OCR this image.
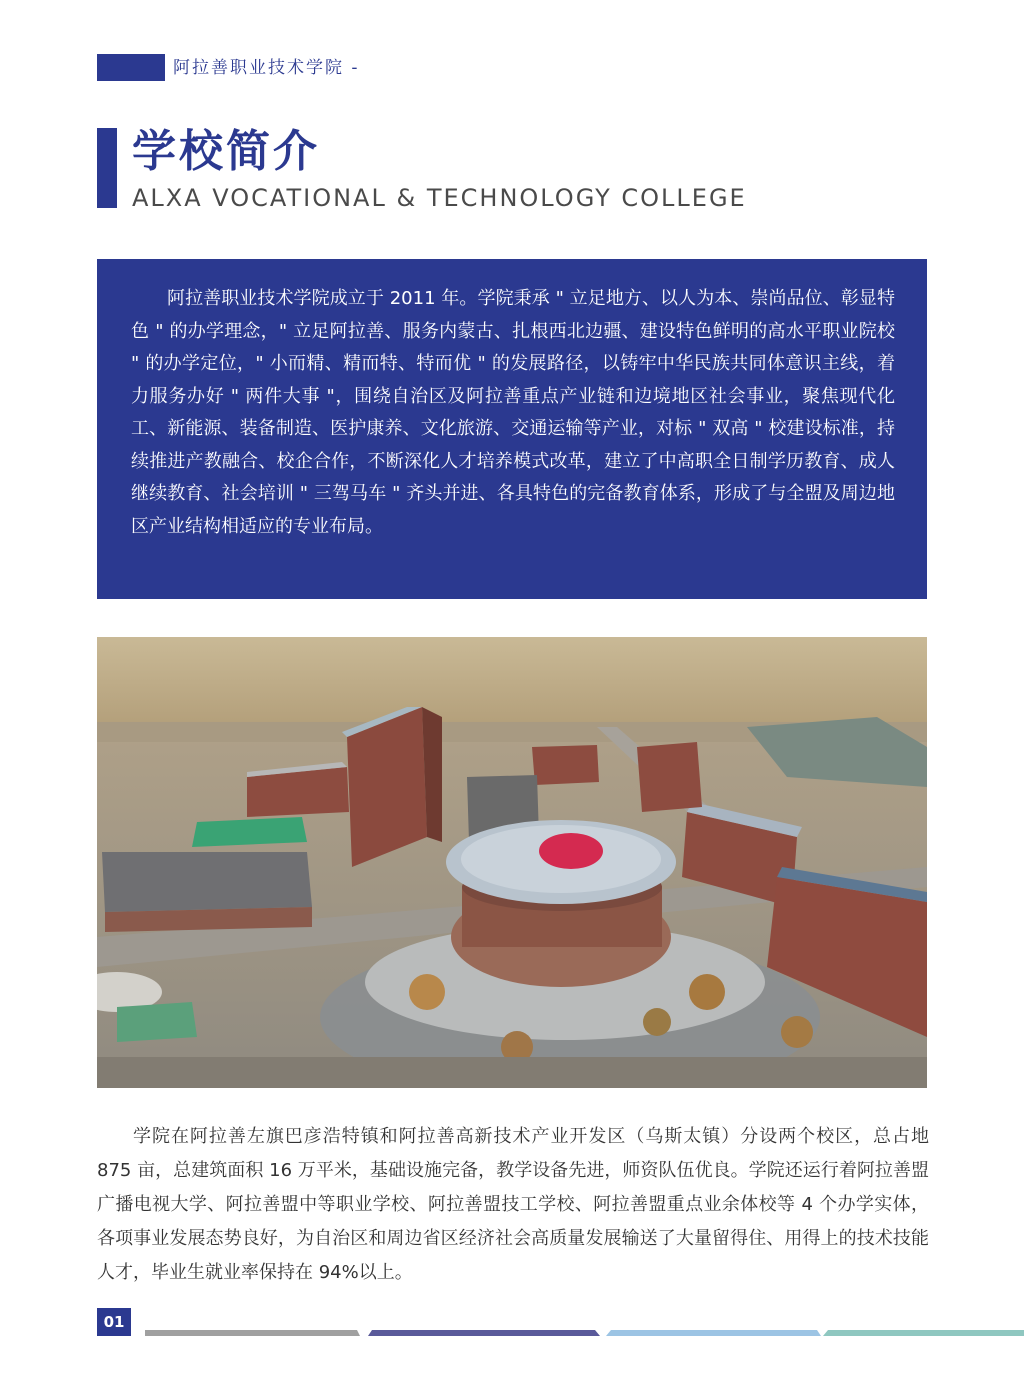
阿拉善职业技术学院 -
学校简介
ALXA VOCATIONAL & TECHNOLOGY COLLEGE

阿拉善职业技术学院成立于 2011 年。学院秉承 " 立足地方、以人为本、崇尚品位、彰显特色 " 的办学理念，" 立足阿拉善、服务内蒙古、扎根西北边疆、建设特色鲜明的高水平职业院校 " 的办学定位，" 小而精、精而特、特而优 " 的发展路径，以铸牢中华民族共同体意识主线，着力服务办好 " 两件大事 "，围绕自治区及阿拉善重点产业链和边境地区社会事业，聚焦现代化工、新能源、装备制造、医护康养、文化旅游、交通运输等产业，对标 " 双高 " 校建设标准，持续推进产教融合、校企合作，不断深化人才培养模式改革，建立了中高职全日制学历教育、成人继续教育、社会培训 " 三驾马车 " 齐头并进、各具特色的完备教育体系，形成了与全盟及周边地区产业结构相适应的专业布局。

学院在阿拉善左旗巴彦浩特镇和阿拉善高新技术产业开发区（乌斯太镇）分设两个校区，总占地 875 亩，总建筑面积 16 万平米，基础设施完备，教学设备先进，师资队伍优良。学院还运行着阿拉善盟广播电视大学、阿拉善盟中等职业学校、阿拉善盟技工学校、阿拉善盟重点业余体校等 4 个办学实体，各项事业发展态势良好，为自治区和周边省区经济社会高质量发展输送了大量留得住、用得上的技术技能人才，毕业生就业率保持在 94%以上。

01
